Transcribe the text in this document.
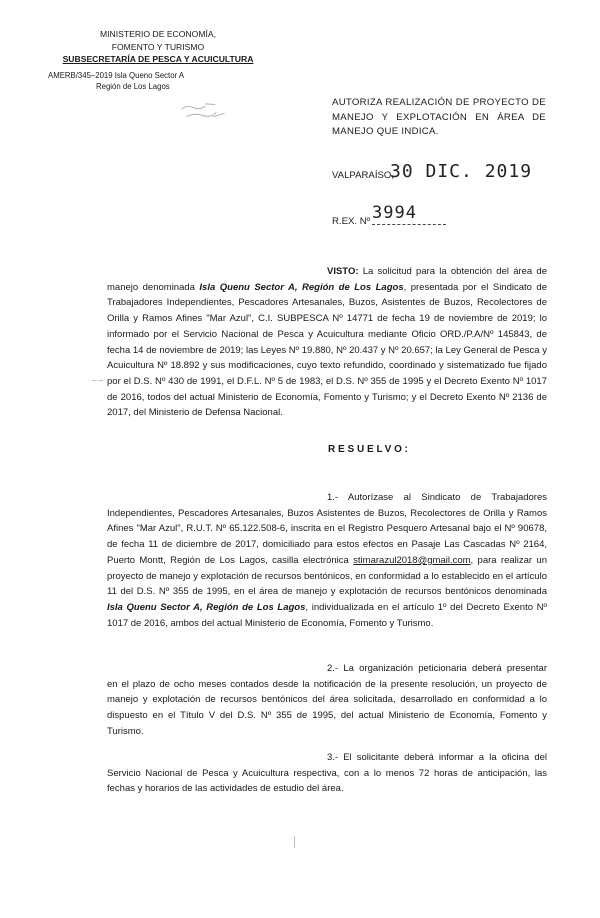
MINISTERIO DE ECONOMÍA,
FOMENTO Y TURISMO
SUBSECRETARÍA DE PESCA Y ACUICULTURA
AMERB/345–2019 Isla Queno Sector A
Región de Los Lagos
AUTORIZA REALIZACIÓN DE PROYECTO DE MANEJO Y EXPLOTACIÓN EN ÁREA DE MANEJO QUE INDICA.
VALPARAÍSO,
30 DIC. 2019
R.EX. Nº 3994
VISTO: La solicitud para la obtención del área de manejo denominada Isla Quenu Sector A, Región de Los Lagos, presentada por el Sindicato de Trabajadores Independientes, Pescadores Artesanales, Buzos, Asistentes de Buzos, Recolectores de Orilla y Ramos Afines "Mar Azul", C.I. SUBPESCA Nº 14771 de fecha 19 de noviembre de 2019; lo informado por el Servicio Nacional de Pesca y Acuicultura mediante Oficio ORD./P.A/Nº 145843, de fecha 14 de noviembre de 2019; las Leyes Nº 19.880, Nº 20.437 y Nº 20.657; la Ley General de Pesca y Acuicultura Nº 18.892 y sus modificaciones, cuyo texto refundido, coordinado y sistematizado fue fijado por el D.S. Nº 430 de 1991, el D.F.L. Nº 5 de 1983, el D.S. Nº 355 de 1995 y el Decreto Exento Nº 1017 de 2016, todos del actual Ministerio de Economía, Fomento y Turismo; y el Decreto Exento Nº 2136 de 2017, del Ministerio de Defensa Nacional.
_ _
RESUELVO:
1.- Autorízase al Sindicato de Trabajadores Independientes, Pescadores Artesanales, Buzos Asistentes de Buzos, Recolectores de Orilla y Ramos Afines "Mar Azul", R.U.T. Nº 65.122.508-6, inscrita en el Registro Pesquero Artesanal bajo el Nº 90678, de fecha 11 de diciembre de 2017, domiciliado para estos efectos en Pasaje Las Cascadas Nº 2164, Puerto Montt, Región de Los Lagos, casilla electrónica stimarazul2018@gmail.com, para realizar un proyecto de manejo y explotación de recursos bentónicos, en conformidad a lo establecido en el artículo 11 del D.S. Nº 355 de 1995, en el área de manejo y explotación de recursos bentónicos denominada Isla Quenu Sector A, Región de Los Lagos, individualizada en el artículo 1º del Decreto Exento Nº 1017 de 2016, ambos del actual Ministerio de Economía, Fomento y Turismo.
2.- La organización peticionaria deberá presentar en el plazo de ocho meses contados desde la notificación de la presente resolución, un proyecto de manejo y explotación de recursos bentónicos del área solicitada, desarrollado en conformidad a lo dispuesto en el Título V del D.S. Nº 355 de 1995, del actual Ministerio de Economía, Fomento y Turismo.
3.- El solicitante deberá informar a la oficina del Servicio Nacional de Pesca y Acuicultura respectiva, con a lo menos 72 horas de anticipación, las fechas y horarios de las actividades de estudio del área.
